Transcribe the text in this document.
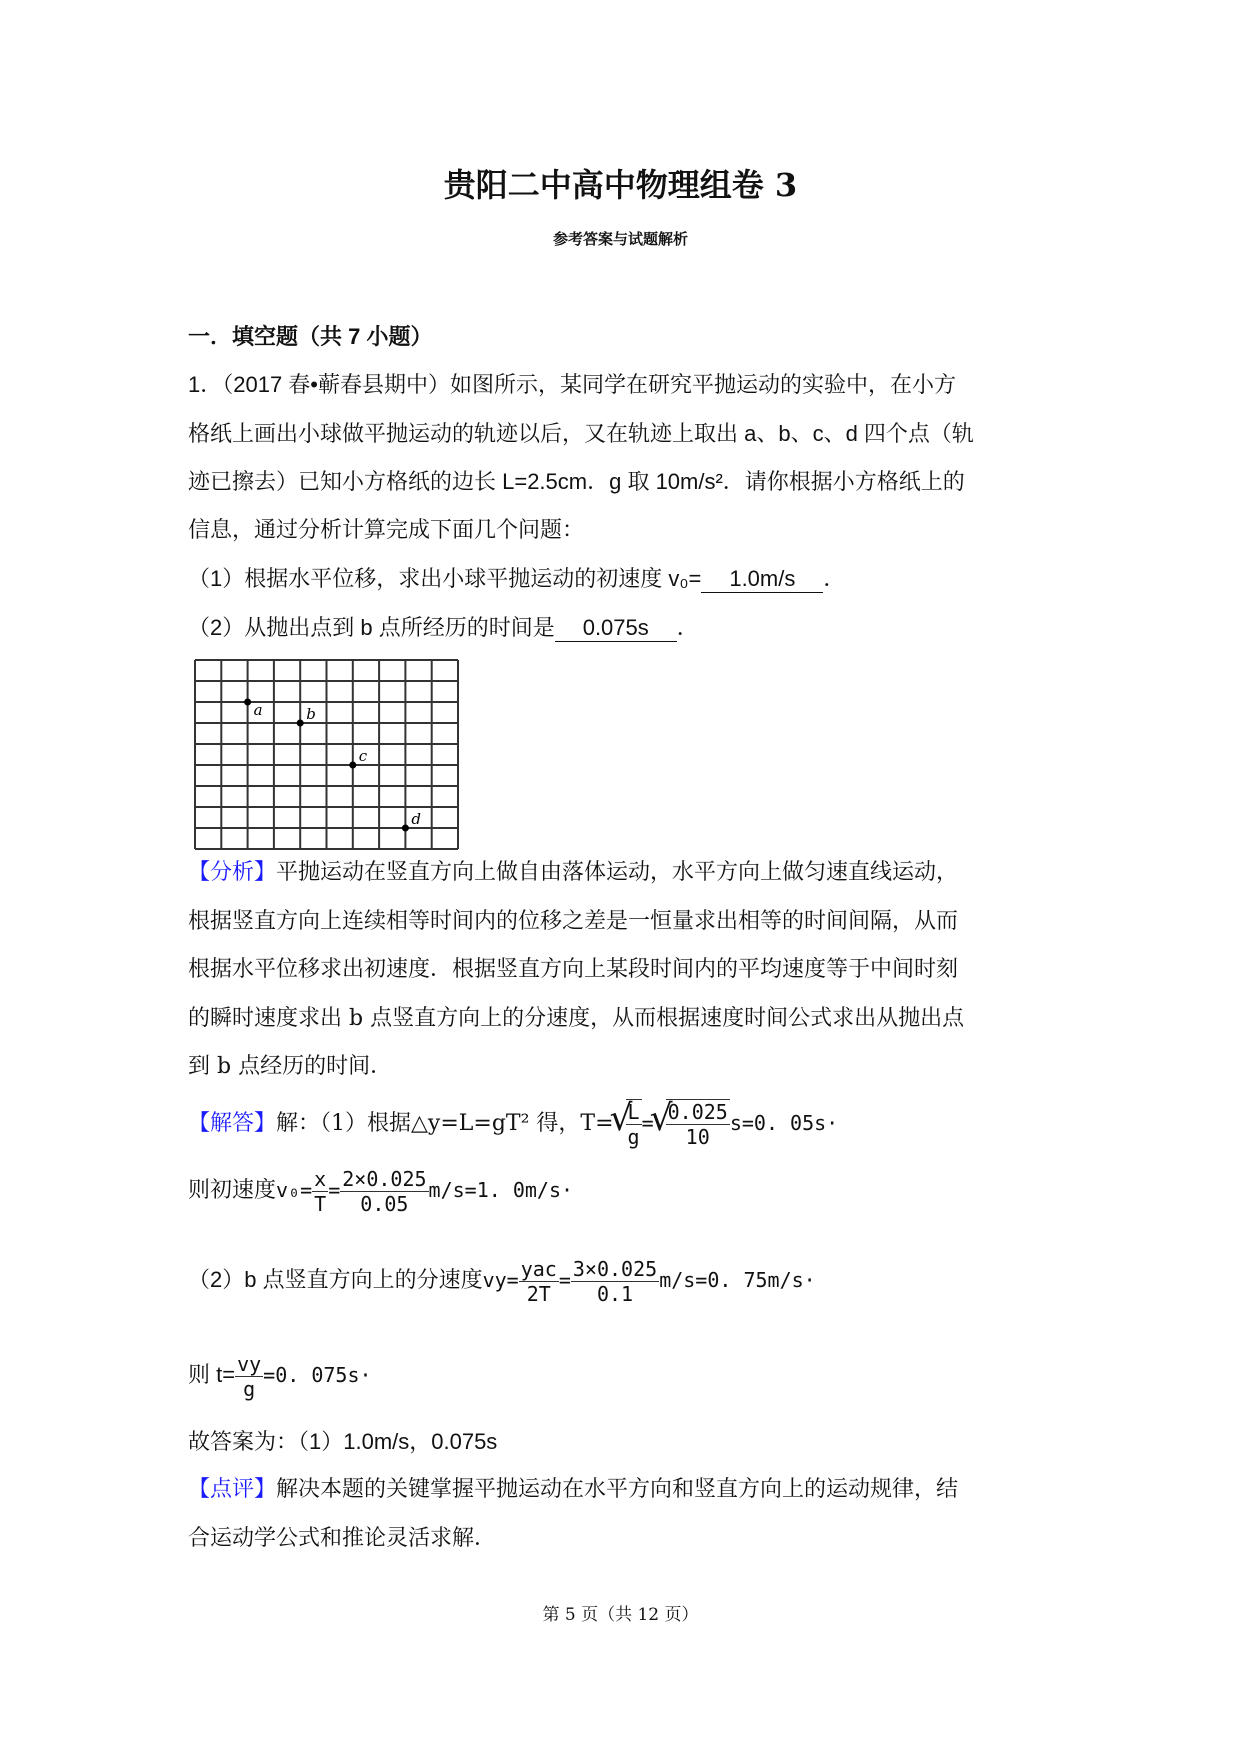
贵阳二中高中物理组卷 3
参考答案与试题解析
一．填空题（共 7 小题）
1．（2017 春•蕲春县期中）如图所示，某同学在研究平抛运动的实验中，在小方
格纸上画出小球做平抛运动的轨迹以后，又在轨迹上取出 a、b、c、d 四个点（轨
迹已擦去）已知小方格纸的边长 L=2.5cm．g 取 10m/s²．请你根据小方格纸上的
信息，通过分析计算完成下面几个问题：
（1）根据水平位移，求出小球平抛运动的初速度 v₀= 1.0m/s ．
（2）从抛出点到 b 点所经历的时间是 0.075s ．
a	b
c
d
【分析】平抛运动在竖直方向上做自由落体运动，水平方向上做匀速直线运动，
根据竖直方向上连续相等时间内的位移之差是一恒量求出相等的时间间隔，从而
根据水平位移求出初速度．根据竖直方向上某段时间内的平均速度等于中间时刻
的瞬时速度求出 b 点竖直方向上的分速度，从而根据速度时间公式求出从抛出点
到 b 点经历的时间．
【解答】解：（1）根据△y=L=gT² 得，T= √ $\frac{L}{g}$ = √ $\frac{0.025}{10} s=0$. 05s·
则初速度$v_0= \frac{x}{T} = \frac{2\times 0.025}{0.05} m/s=1$. 0m/s·
（2）b 点竖直方向上的分速度$vy= \frac{\text{yac}}{2T} = \frac{3\times 0.025}{0.1} m/s=0$. 75m/s·
则 $t= \frac{vy}{g} =0$. 075s·
故答案为：（1）1.0m/s，0.075s
【点评】解决本题的关键掌握平抛运动在水平方向和竖直方向上的运动规律，结
合运动学公式和推论灵活求解．
第 5 页（共 12 页）
